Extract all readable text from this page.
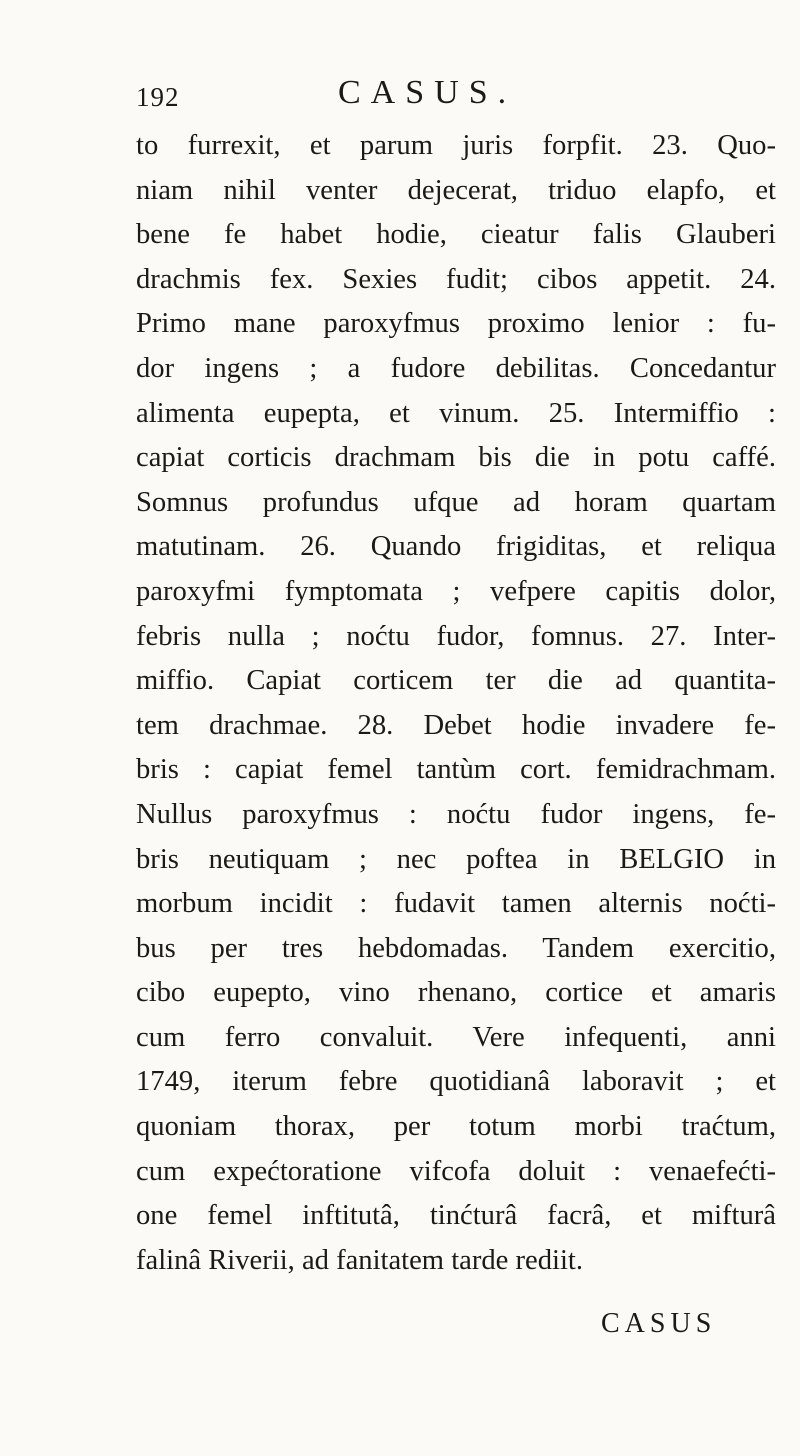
192	CASUS.
to furrexit, et parum juris forpfit. 23. Quo-
niam nihil venter dejecerat, triduo elapfo, et
bene fe habet hodie, cieatur falis Glauberi
drachmis fex. Sexies fudit; cibos appetit. 24.
Primo mane paroxyfmus proximo lenior : fu-
dor ingens ; a fudore debilitas. Concedantur
alimenta eupepta, et vinum. 25. Intermiffio :
capiat corticis drachmam bis die in potu caffé.
Somnus profundus ufque ad horam quartam
matutinam. 26. Quando frigiditas, et reliqua
paroxyfmi fymptomata ; vefpere capitis dolor,
febris nulla ; noćtu fudor, fomnus. 27. Inter-
miffio. Capiat corticem ter die ad quantita-
tem drachmae. 28. Debet hodie invadere fe-
bris : capiat femel tantùm cort. femidrachmam.
Nullus paroxyfmus : noćtu fudor ingens, fe-
bris neutiquam ; nec poftea in BELGIO in
morbum incidit : fudavit tamen alternis noćti-
bus per tres hebdomadas. Tandem exercitio,
cibo eupepto, vino rhenano, cortice et amaris
cum ferro convaluit. Vere infequenti, anni
1749, iterum febre quotidianâ laboravit ; et
quoniam thorax, per totum morbi traćtum,
cum expećtoratione vifcofa doluit : venaefećti-
one femel inftitutâ, tinćturâ facrâ, et mifturâ
falinâ Riverii, ad fanitatem tarde rediit.
CASUS
